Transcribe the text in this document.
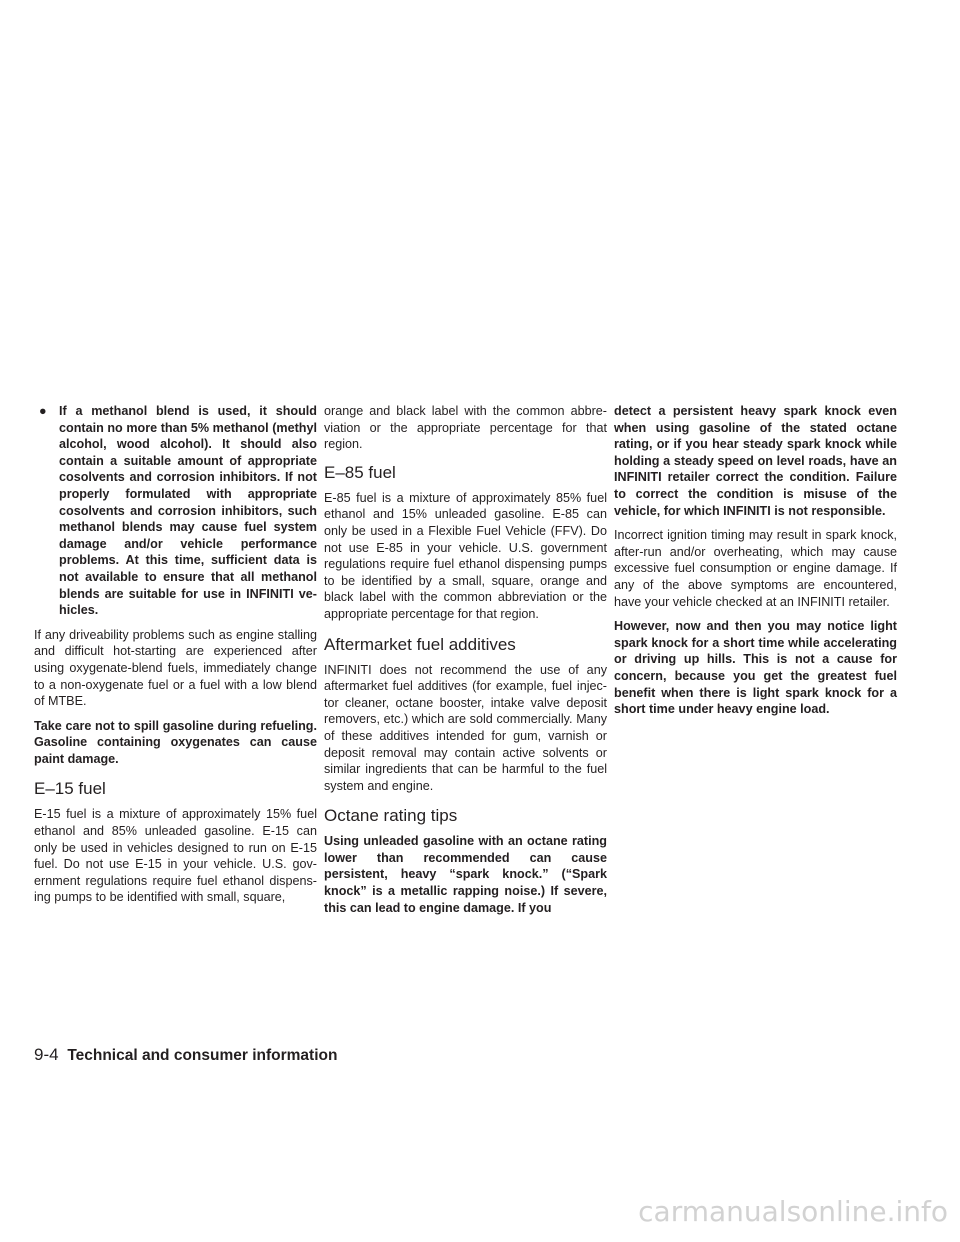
● If a methanol blend is used, it should contain no more than 5% methanol (methyl alcohol, wood alcohol). It should also contain a suitable amount of appropriate cosolvents and corrosion inhibitors. If not properly formulated with appropriate cosolvents and corrosion inhibitors, such methanol blends may cause fuel system damage and/or vehicle performance problems. At this time, sufficient data is not available to ensure that all methanol blends are suitable for use in INFINITI vehicles.

If any driveability problems such as engine stalling and difficult hot-starting are experienced after using oxygenate-blend fuels, immediately change to a non-oxygenate fuel or a fuel with a low blend of MTBE.

Take care not to spill gasoline during refueling. Gasoline containing oxygenates can cause paint damage.

E–15 fuel

E-15 fuel is a mixture of approximately 15% fuel ethanol and 85% unleaded gasoline. E-15 can only be used in vehicles designed to run on E-15 fuel. Do not use E-15 in your vehicle. U.S. government regulations require fuel ethanol dispensing pumps to be identified with small, square,

orange and black label with the common abbreviation or the appropriate percentage for that region.

E–85 fuel

E-85 fuel is a mixture of approximately 85% fuel ethanol and 15% unleaded gasoline. E-85 can only be used in a Flexible Fuel Vehicle (FFV). Do not use E-85 in your vehicle. U.S. government regulations require fuel ethanol dispensing pumps to be identified by a small, square, orange and black label with the common abbreviation or the appropriate percentage for that region.

Aftermarket fuel additives

INFINITI does not recommend the use of any aftermarket fuel additives (for example, fuel injector cleaner, octane booster, intake valve deposit removers, etc.) which are sold commercially. Many of these additives intended for gum, varnish or deposit removal may contain active solvents or similar ingredients that can be harmful to the fuel system and engine.

Octane rating tips

Using unleaded gasoline with an octane rating lower than recommended can cause persistent, heavy “spark knock.” (“Spark knock” is a metallic rapping noise.) If severe, this can lead to engine damage. If you

detect a persistent heavy spark knock even when using gasoline of the stated octane rating, or if you hear steady spark knock while holding a steady speed on level roads, have an INFINITI retailer correct the condition. Failure to correct the condition is misuse of the vehicle, for which INFINITI is not responsible.

Incorrect ignition timing may result in spark knock, after-run and/or overheating, which may cause excessive fuel consumption or engine damage. If any of the above symptoms are encountered, have your vehicle checked at an INFINITI retailer.

However, now and then you may notice light spark knock for a short time while accelerating or driving up hills. This is not a cause for concern, because you get the greatest fuel benefit when there is light spark knock for a short time under heavy engine load.

9-4 Technical and consumer information
carmanualsonline.info
